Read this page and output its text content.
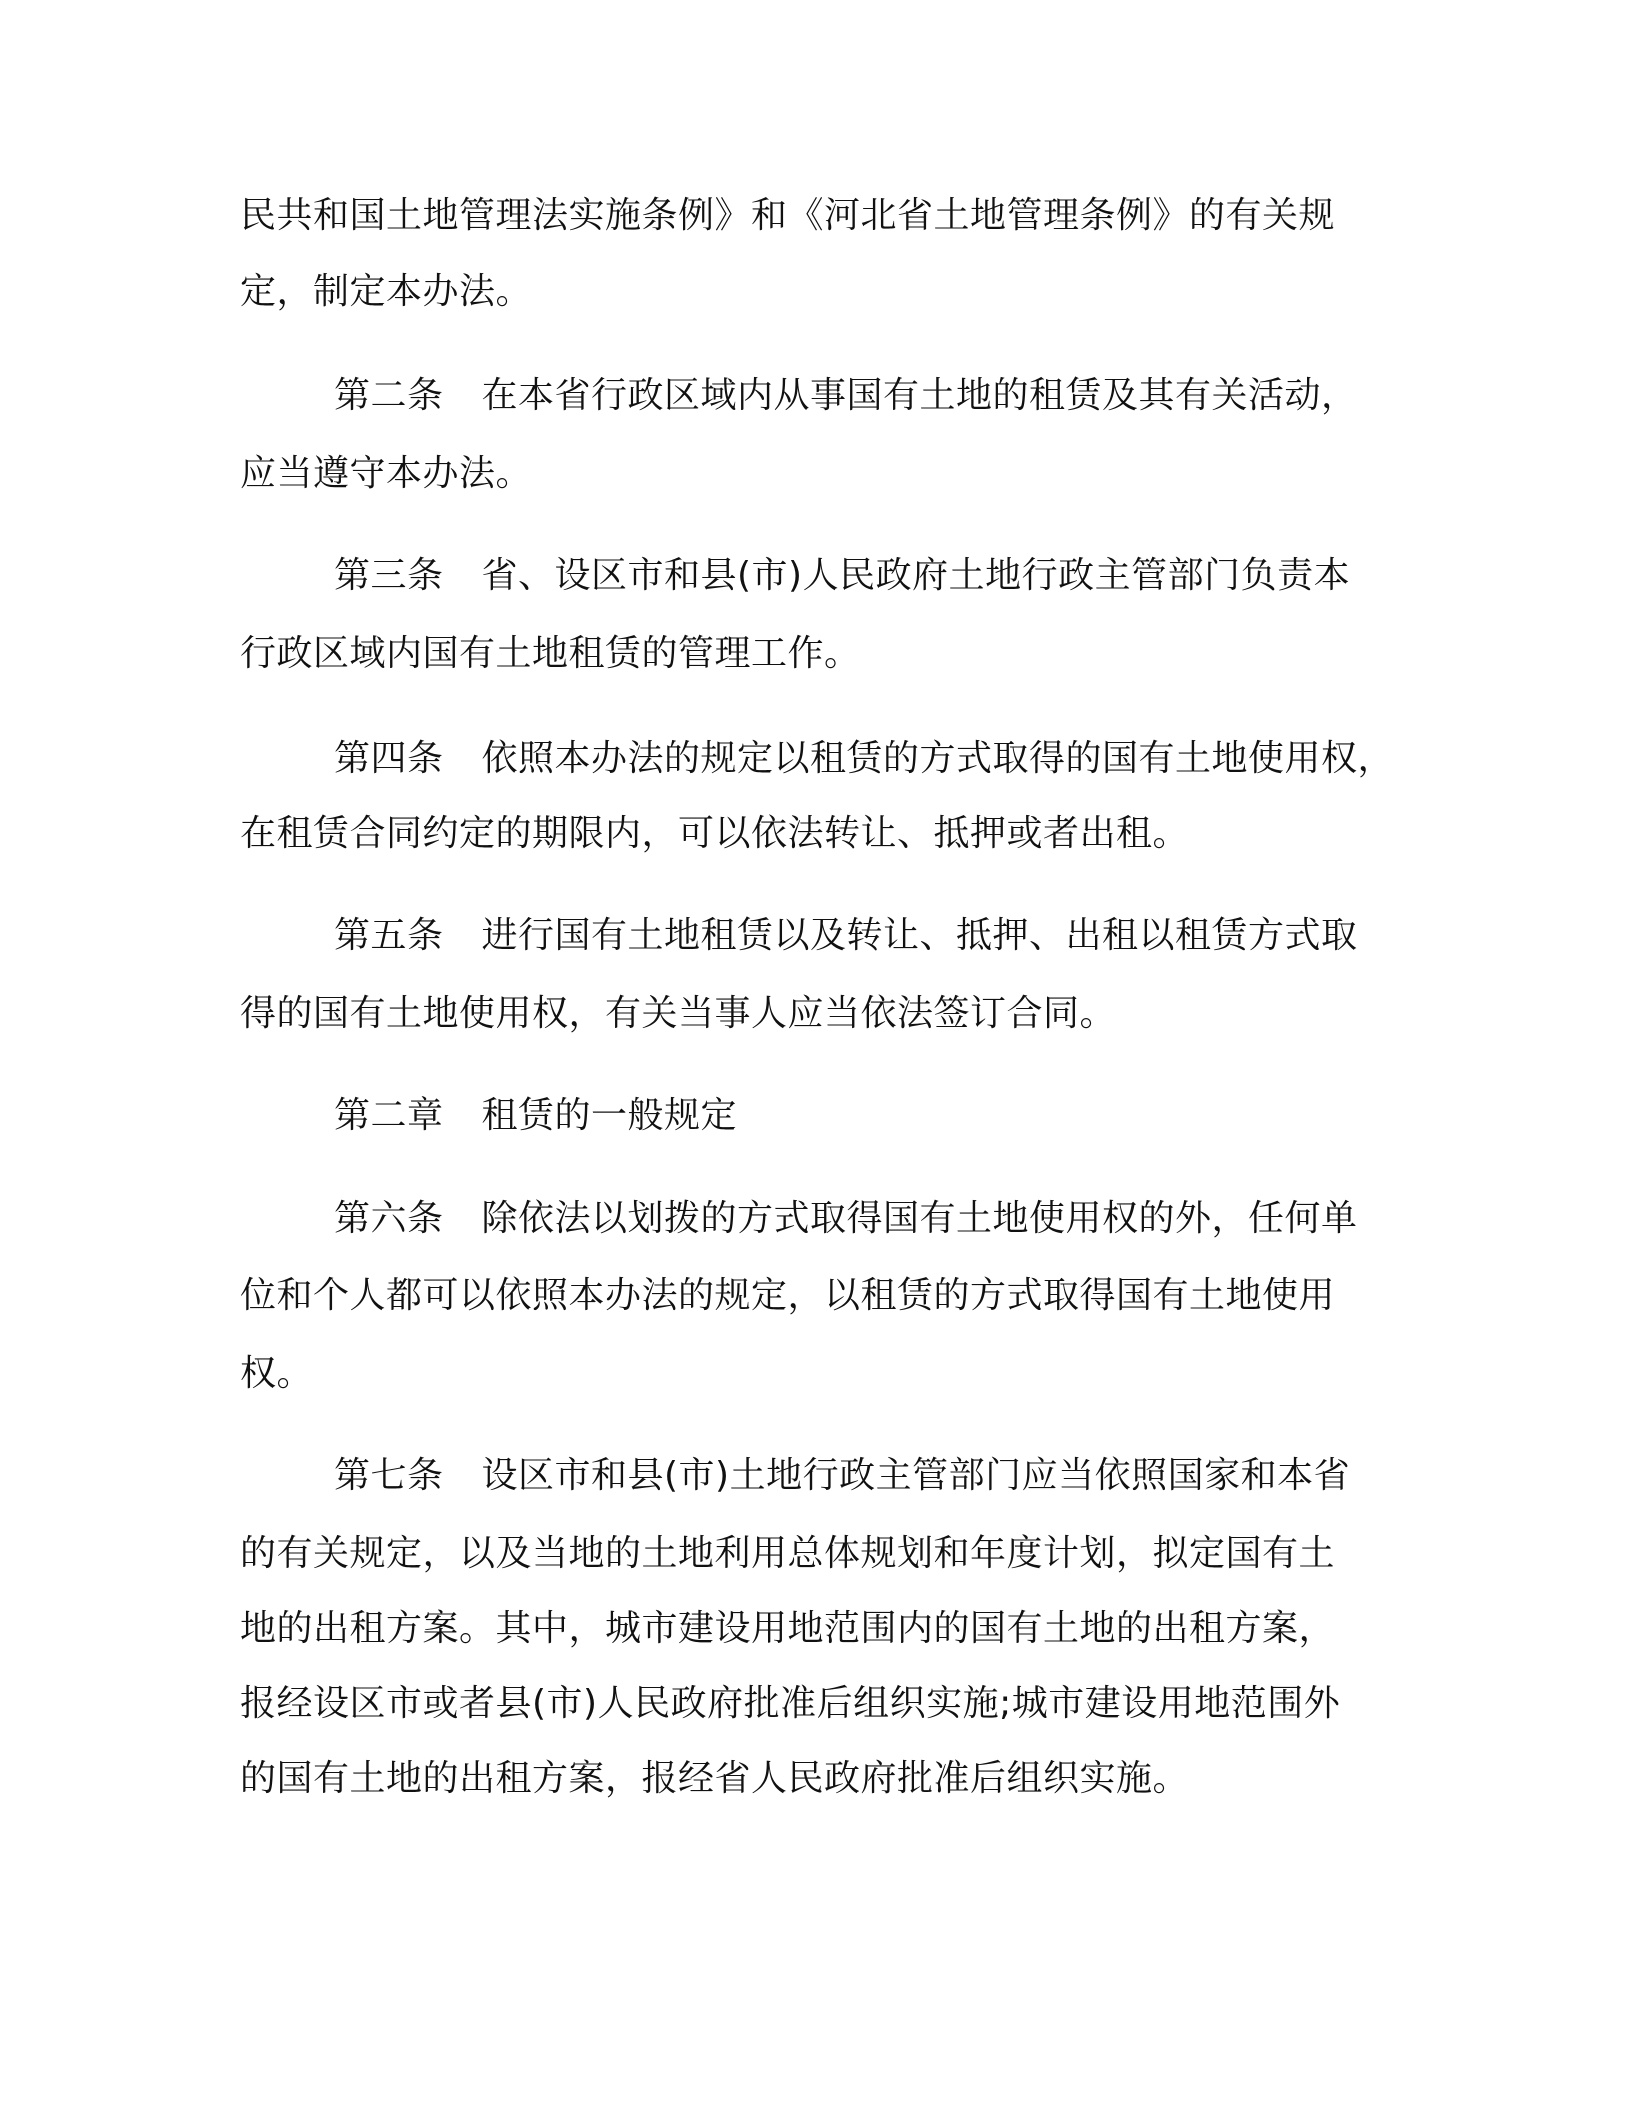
民共和国土地管理法实施条例》和《河北省土地管理条例》的有关规
定，制定本办法。
第二条 在本省行政区域内从事国有土地的租赁及其有关活动，
应当遵守本办法。
第三条 省、设区市和县(市)人民政府土地行政主管部门负责本
行政区域内国有土地租赁的管理工作。
第四条 依照本办法的规定以租赁的方式取得的国有土地使用权，
在租赁合同约定的期限内，可以依法转让、抵押或者出租。
第五条 进行国有土地租赁以及转让、抵押、出租以租赁方式取
得的国有土地使用权，有关当事人应当依法签订合同。
第二章 租赁的一般规定
第六条 除依法以划拨的方式取得国有土地使用权的外，任何单
位和个人都可以依照本办法的规定，以租赁的方式取得国有土地使用
权。
第七条 设区市和县(市)土地行政主管部门应当依照国家和本省
的有关规定，以及当地的土地利用总体规划和年度计划，拟定国有土
地的出租方案。其中，城市建设用地范围内的国有土地的出租方案，
报经设区市或者县(市)人民政府批准后组织实施;城市建设用地范围外
的国有土地的出租方案，报经省人民政府批准后组织实施。
